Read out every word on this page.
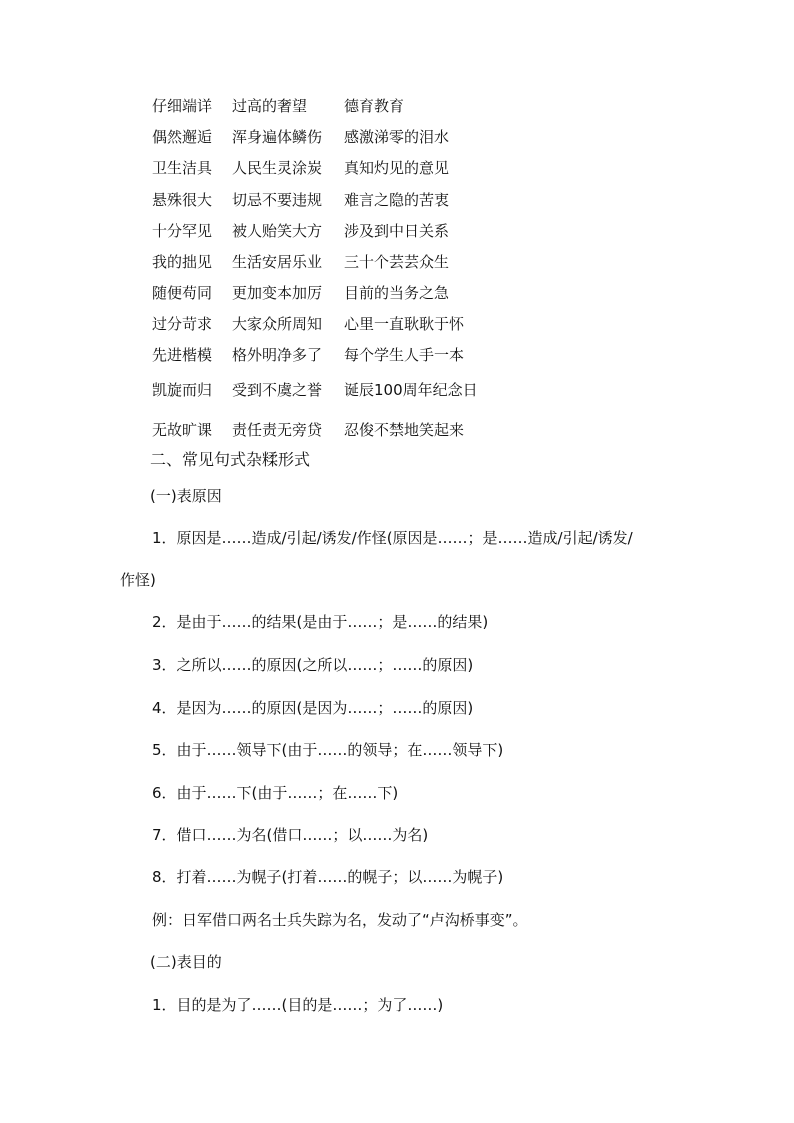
仔细端详 过高的奢望 德育教育
偶然邂逅 浑身遍体鳞伤 感激涕零的泪水
卫生洁具 人民生灵涂炭 真知灼见的意见
悬殊很大 切忌不要违规 难言之隐的苦衷
十分罕见 被人贻笑大方 涉及到中日关系
我的拙见 生活安居乐业 三十个芸芸众生
随便苟同 更加变本加厉 目前的当务之急
过分苛求 大家众所周知 心里一直耿耿于怀
先进楷模 格外明净多了 每个学生人手一本
凯旋而归 受到不虞之誉 诞辰100周年纪念日
无故旷课 责任责无旁贷 忍俊不禁地笑起来
二、常见句式杂糅形式
(一)表原因
1．原因是……造成/引起/诱发/作怪(原因是……；是……造成/引起/诱发/
作怪)
2．是由于……的结果(是由于……；是……的结果)
3．之所以……的原因(之所以……；……的原因)
4．是因为……的原因(是因为……；……的原因)
5．由于……领导下(由于……的领导；在……领导下)
6．由于……下(由于……；在……下)
7．借口……为名(借口……；以……为名)
8．打着……为幌子(打着……的幌子；以……为幌子)
例：日军借口两名士兵失踪为名，发动了“卢沟桥事变”。
(二)表目的
1．目的是为了……(目的是……；为了……)
